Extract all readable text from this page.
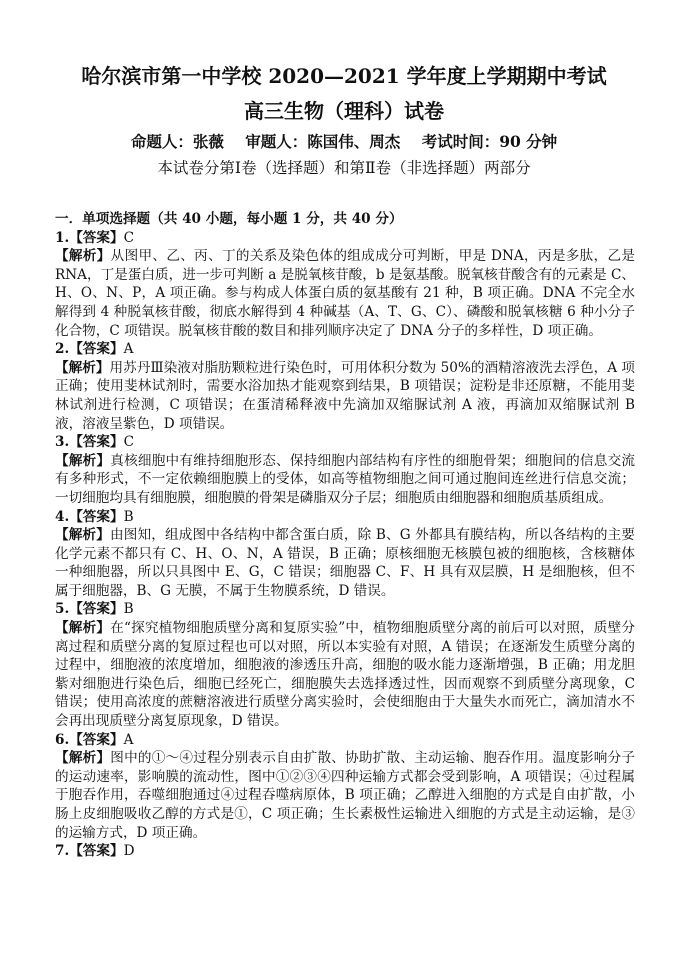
哈尔滨市第一中学校 2020—2021 学年度上学期期中考试
高三生物（理科）试卷
命题人：张薇 审题人：陈国伟、周杰 考试时间：90 分钟
本试卷分第Ⅰ卷（选择题）和第Ⅱ卷（非选择题）两部分

一．单项选择题（共 40 小题，每小题 1 分，共 40 分）

1.【答案】C

【解析】从图甲、乙、丙、丁的关系及染色体的组成成分可判断，甲是 DNA，丙是多肽，乙是 RNA，丁是蛋白质，进一步可判断 a 是脱氧核苷酸，b 是氨基酸。脱氧核苷酸含有的元素是 C、H、O、N、P，A 项正确。参与构成人体蛋白质的氨基酸有 21 种，B 项正确。DNA 不完全水解得到 4 种脱氧核苷酸，彻底水解得到 4 种碱基（A、T、G、C）、磷酸和脱氧核糖 6 种小分子化合物，C 项错误。脱氧核苷酸的数目和排列顺序决定了 DNA 分子的多样性，D 项正确。

2.【答案】A

【解析】用苏丹Ⅲ染液对脂肪颗粒进行染色时，可用体积分数为 50%的酒精溶液洗去浮色，A 项正确；使用斐林试剂时，需要水浴加热才能观察到结果，B 项错误；淀粉是非还原糖，不能用斐林试剂进行检测，C 项错误；在蛋清稀释液中先滴加双缩脲试剂 A 液，再滴加双缩脲试剂 B 液，溶液呈紫色，D 项错误。

3.【答案】C

【解析】真核细胞中有维持细胞形态、保持细胞内部结构有序性的细胞骨架；细胞间的信息交流有多种形式，不一定依赖细胞膜上的受体，如高等植物细胞之间可通过胞间连丝进行信息交流；一切细胞均具有细胞膜，细胞膜的骨架是磷脂双分子层；细胞质由细胞器和细胞质基质组成。

4.【答案】B

【解析】由图知，组成图中各结构中都含蛋白质，除 B、G 外都具有膜结构，所以各结构的主要化学元素不都只有 C、H、O、N，A 错误，B 正确；原核细胞无核膜包被的细胞核，含核糖体一种细胞器，所以只具图中 E、G，C 错误；细胞器 C、F、H 具有双层膜，H 是细胞核，但不属于细胞器，B、G 无膜，不属于生物膜系统，D 错误。

5.【答案】B

【解析】在“探究植物细胞质壁分离和复原实验”中，植物细胞质壁分离的前后可以对照，质壁分离过程和质壁分离的复原过程也可以对照，所以本实验有对照，A 错误；在逐渐发生质壁分离的过程中，细胞液的浓度增加，细胞液的渗透压升高，细胞的吸水能力逐渐增强，B 正确；用龙胆紫对细胞进行染色后，细胞已经死亡，细胞膜失去选择透过性，因而观察不到质壁分离现象，C 错误；使用高浓度的蔗糖溶液进行质壁分离实验时，会使细胞由于大量失水而死亡，滴加清水不会再出现质壁分离复原现象，D 错误。

6.【答案】A

【解析】图中的①～④过程分别表示自由扩散、协助扩散、主动运输、胞吞作用。温度影响分子的运动速率，影响膜的流动性，图中①②③④四种运输方式都会受到影响，A 项错误；④过程属于胞吞作用，吞噬细胞通过④过程吞噬病原体，B 项正确；乙醇进入细胞的方式是自由扩散，小肠上皮细胞吸收乙醇的方式是①，C 项正确；生长素极性运输进入细胞的方式是主动运输，是③的运输方式，D 项正确。

7.【答案】D
